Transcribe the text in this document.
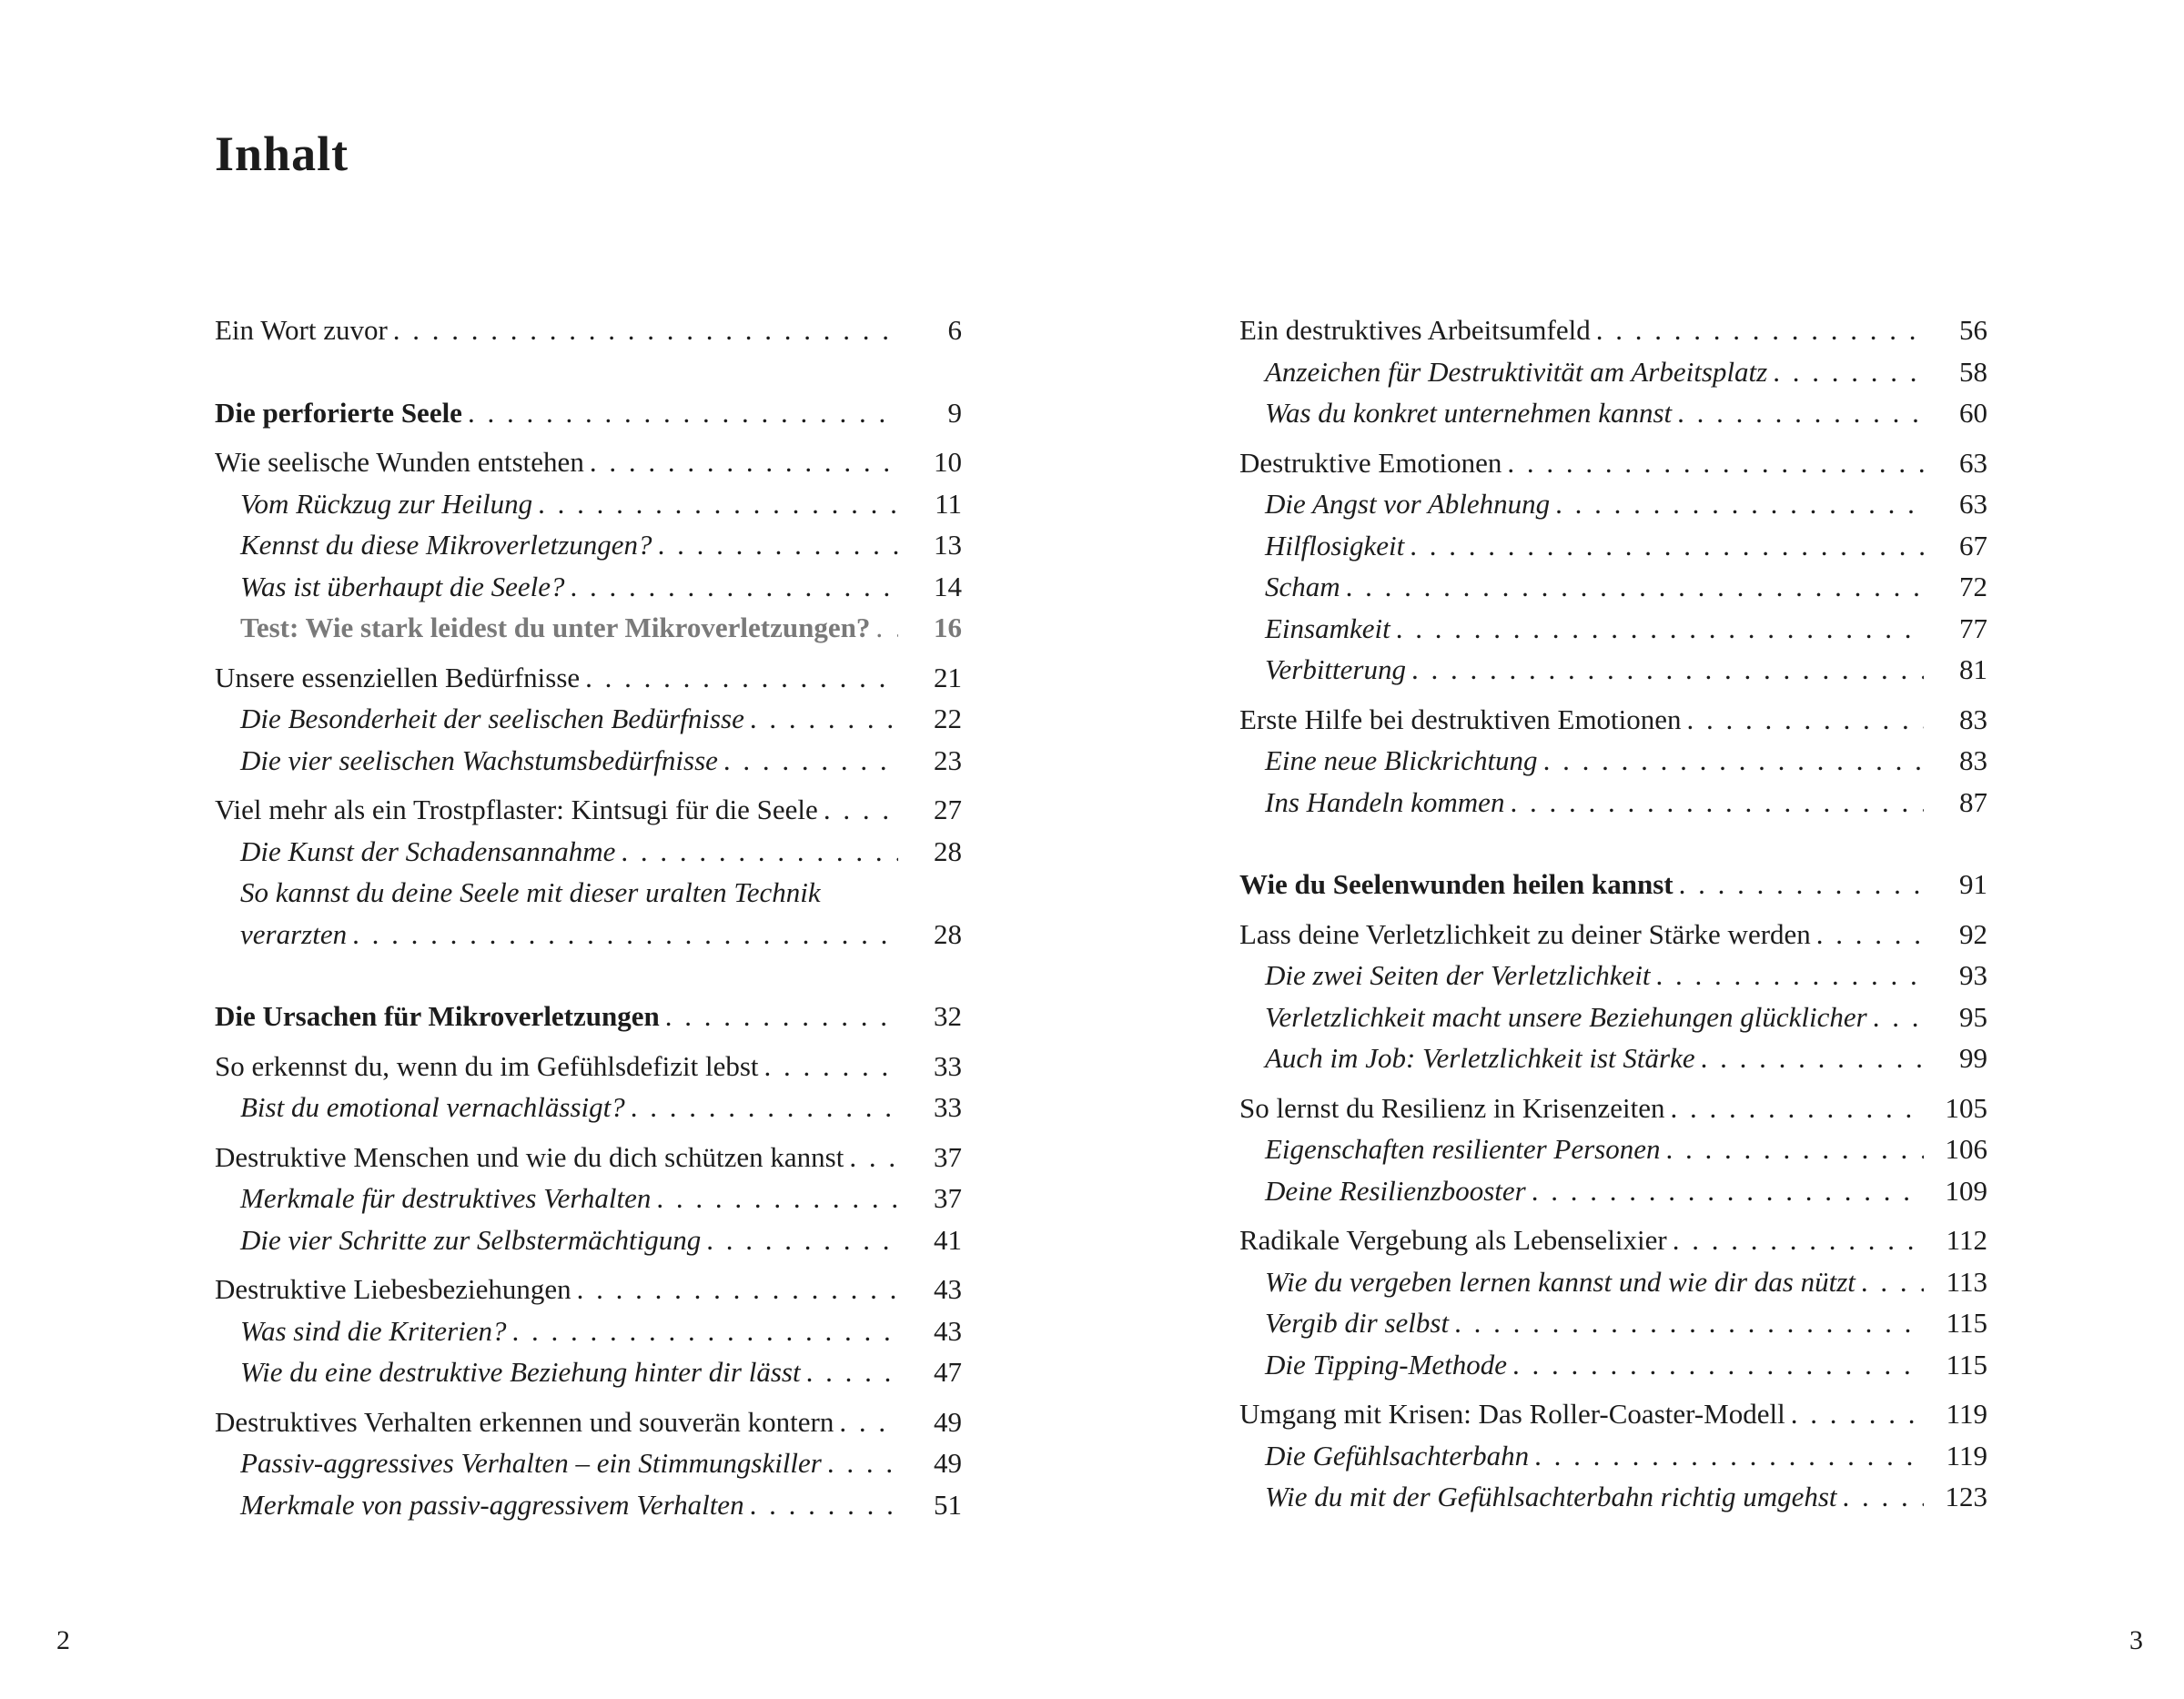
Inhalt
Ein Wort zuvor . . .	6
Die perforierte Seele . . .	9
Wie seelische Wunden entstehen . . .	10
Vom Rückzug zur Heilung . . .	11
Kennst du diese Mikroverletzungen? . . .	13
Was ist überhaupt die Seele? . . .	14
Test: Wie stark leidest du unter Mikroverletzungen? . . .	16
Unsere essenziellen Bedürfnisse . . .	21
Die Besonderheit der seelischen Bedürfnisse . . .	22
Die vier seelischen Wachstumsbedürfnisse . . .	23
Viel mehr als ein Trostpflaster: Kintsugi für die Seele . . .	27
Die Kunst der Schadensannahme . . .	28
So kannst du deine Seele mit dieser uralten Technik
verarzten . . .	28
Die Ursachen für Mikroverletzungen . . .	32
So erkennst du, wenn du im Gefühlsdefizit lebst . . .	33
Bist du emotional vernachlässigt? . . .	33
Destruktive Menschen und wie du dich schützen kannst . . .	37
Merkmale für destruktives Verhalten . . .	37
Die vier Schritte zur Selbstermächtigung . . .	41
Destruktive Liebesbeziehungen . . .	43
Was sind die Kriterien? . . .	43
Wie du eine destruktive Beziehung hinter dir lässt . . .	47
Destruktives Verhalten erkennen und souverän kontern . . .	49
Passiv-aggressives Verhalten – ein Stimmungskiller . . .	49
Merkmale von passiv-aggressivem Verhalten . . .	51
Ein destruktives Arbeitsumfeld . . .	56
Anzeichen für Destruktivität am Arbeitsplatz . . .	58
Was du konkret unternehmen kannst . . .	60
Destruktive Emotionen . . .	63
Die Angst vor Ablehnung . . .	63
Hilflosigkeit . . .	67
Scham . . .	72
Einsamkeit . . .	77
Verbitterung . . .	81
Erste Hilfe bei destruktiven Emotionen . . .	83
Eine neue Blickrichtung . . .	83
Ins Handeln kommen . . .	87
Wie du Seelenwunden heilen kannst . . .	91
Lass deine Verletzlichkeit zu deiner Stärke werden . . .	92
Die zwei Seiten der Verletzlichkeit . . .	93
Verletzlichkeit macht unsere Beziehungen glücklicher . . .	95
Auch im Job: Verletzlichkeit ist Stärke . . .	99
So lernst du Resilienz in Krisenzeiten . . .	105
Eigenschaften resilienter Personen . . .	106
Deine Resilienzbooster . . .	109
Radikale Vergebung als Lebenselixier . . .	112
Wie du vergeben lernen kannst und wie dir das nützt . . .	113
Vergib dir selbst . . .	115
Die Tipping-Methode . . .	115
Umgang mit Krisen: Das Roller-Coaster-Modell . . .	119
Die Gefühlsachterbahn . . .	119
Wie du mit der Gefühlsachterbahn richtig umgehst . . .	123

2	3
